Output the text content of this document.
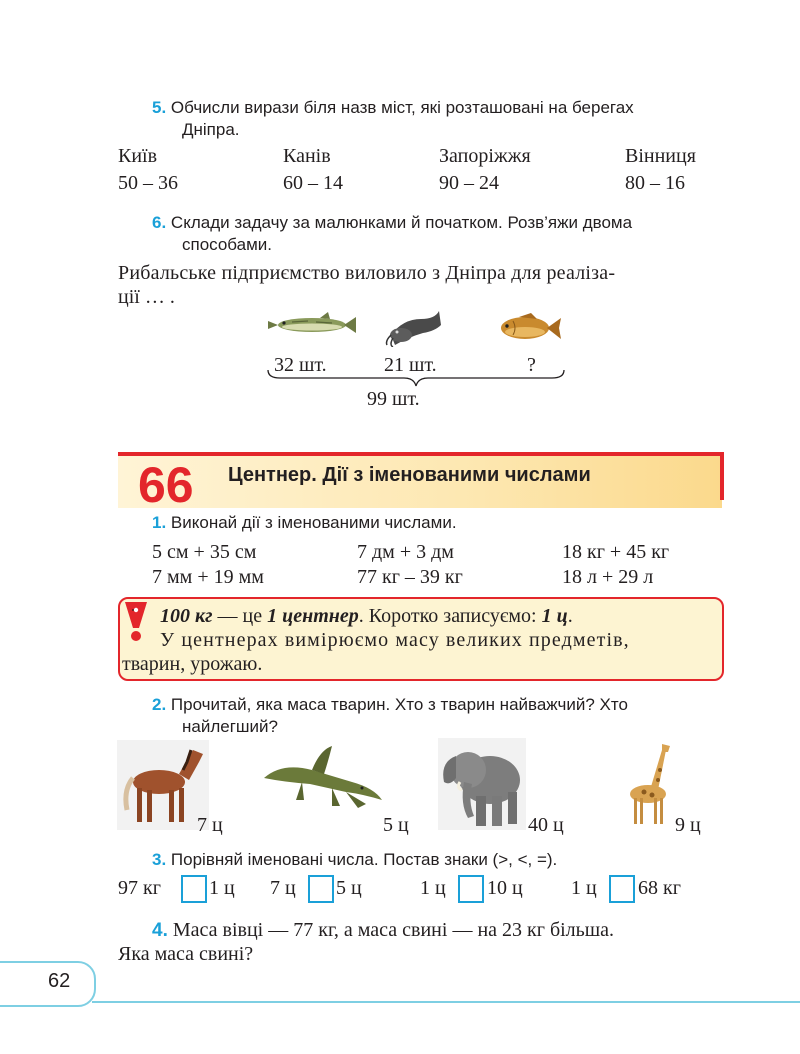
5. Обчисли вирази біля назв міст, які розташовані на берегах
Дніпра.
Київ	Канів	Запоріжжя	Вінниця
50 – 36	60 – 14	90 – 24	80 – 16
6. Склади задачу за малюнками й початком. Розв’яжи двома
способами.
Рибальське підприємство виловило з Дніпра для реаліза-
ції … .
32 шт.	21 шт.	?
99 шт.
66 Центнер. Дії з іменованими числами
1. Виконай дії з іменованими числами.
5 см + 35 см	7 дм + 3 дм	18 кг + 45 кг
7 мм + 19 мм	77 кг – 39 кг	18 л + 29 л
100 кг — це 1 центнер. Коротко записуємо: 1 ц.
У центнерах вимірюємо масу великих предметів,
тварин, урожаю.
2. Прочитай, яка маса тварин. Хто з тварин найважчий? Хто
найлегший?
7 ц	5 ц	40 ц	9 ц
3. Порівняй іменовані числа. Постав знаки (>, <, =).
97 кг 1 ц 7 ц 5 ц	1 ц 10 ц 1 ц 68 кг
4. Маса вівці — 77 кг, а маса свині — на 23 кг більша.
Яка маса свині?
62
